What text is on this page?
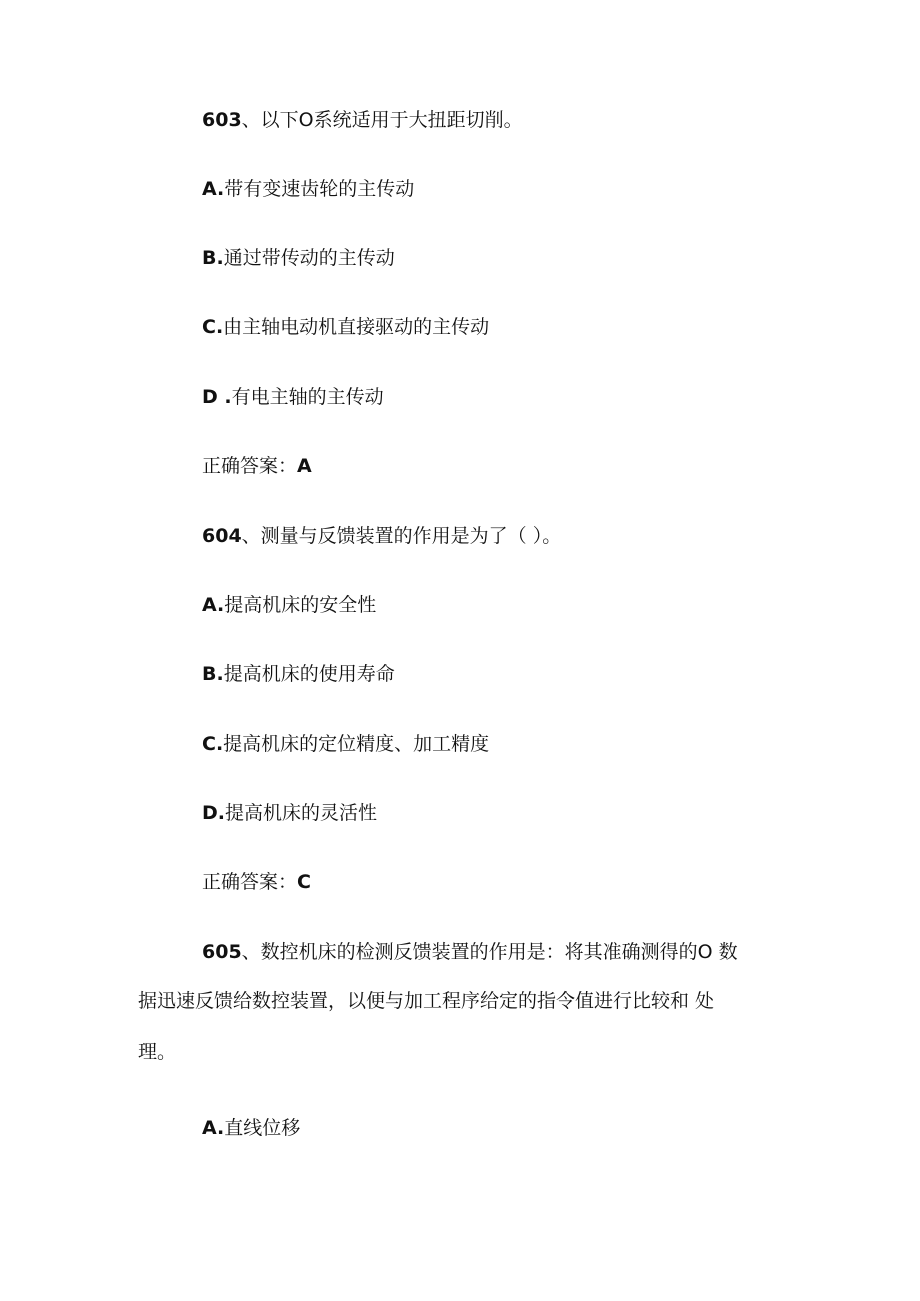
603、以下O系统适用于大扭距切削。
A.带有变速齿轮的主传动
B.通过带传动的主传动
C.由主轴电动机直接驱动的主传动
D .有电主轴的主传动
正确答案：A
604、测量与反馈装置的作用是为了（ ）。
A.提高机床的安全性
B.提高机床的使用寿命
C.提高机床的定位精度、加工精度
D.提高机床的灵活性
正确答案：C
605、数控机床的检测反馈装置的作用是：将其准确测得的O 数
据迅速反馈给数控装置，以便与加工程序给定的指令值进行比较和 处
理。
A.直线位移
